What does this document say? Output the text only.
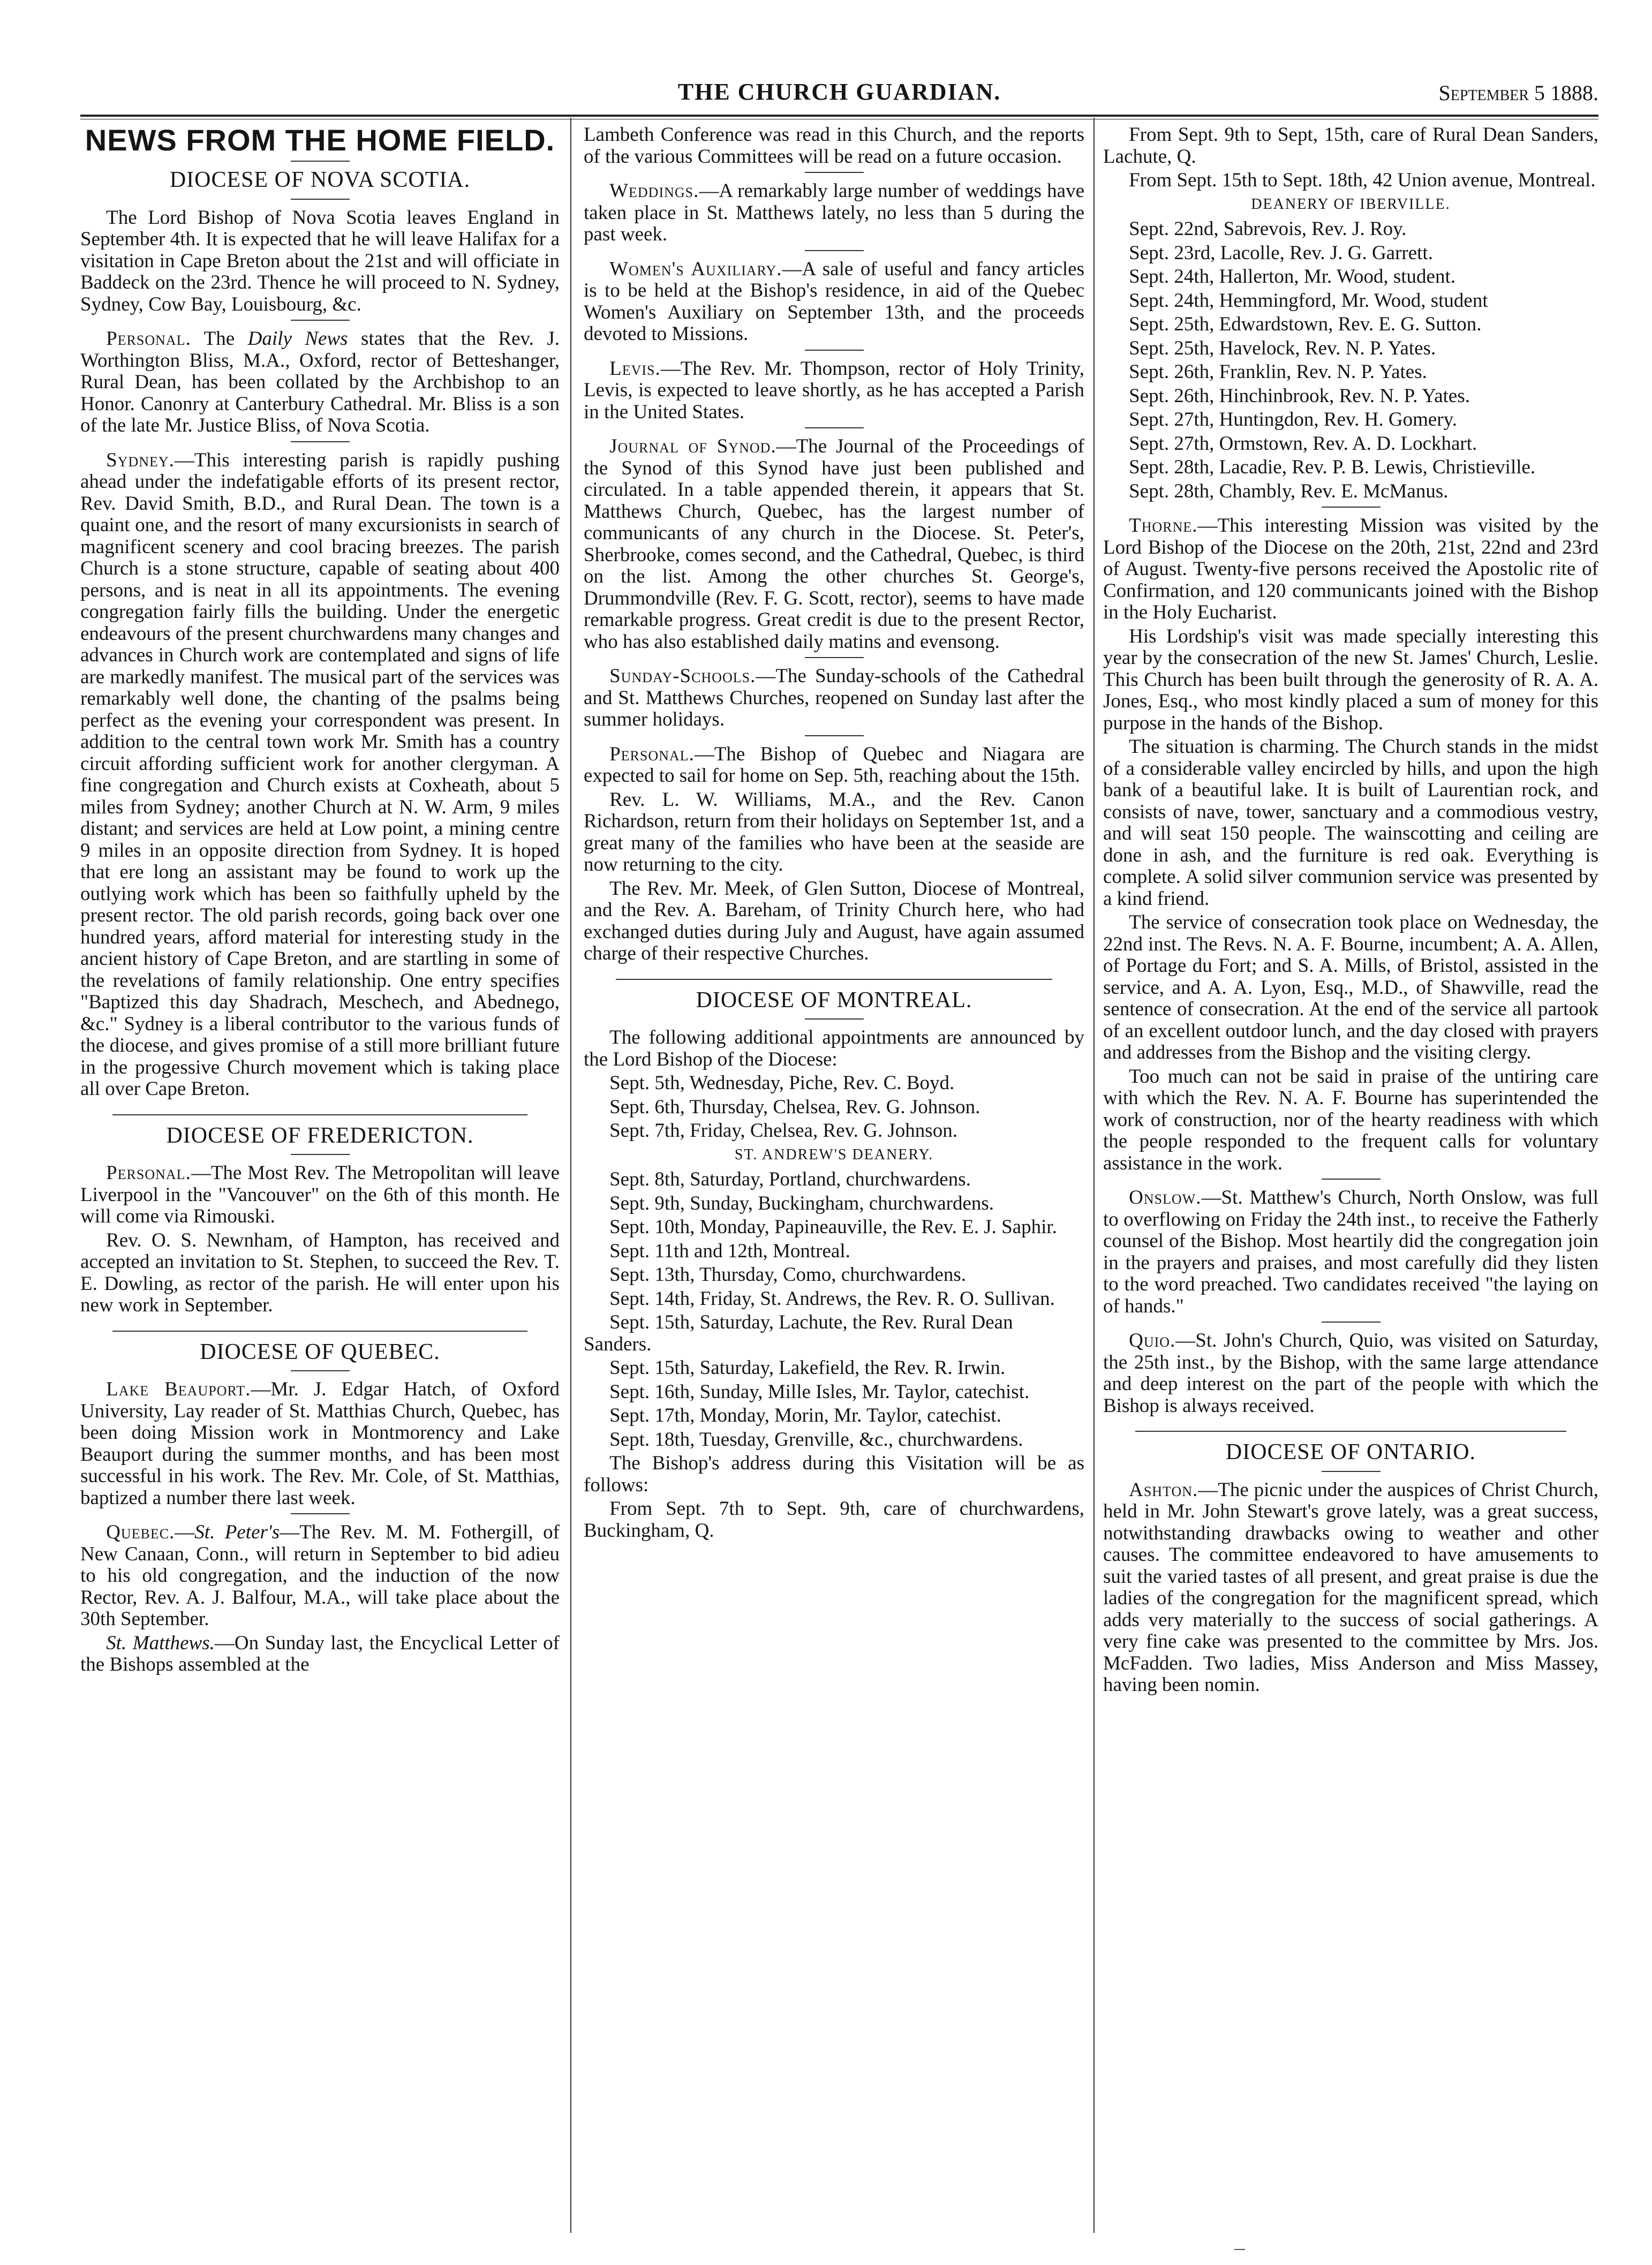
THE CHURCH GUARDIAN.	September 5 1888.
NEWS FROM THE HOME FIELD.
DIOCESE OF NOVA SCOTIA.

The Lord Bishop of Nova Scotia leaves England in September 4th. It is expected that he will leave Halifax for a visitation in Cape Breton about the 21st and will officiate in Baddeck on the 23rd. Thence he will proceed to N. Sydney, Sydney, Cow Bay, Louisbourg, &c.

Personal. The Daily News states that the Rev. J. Worthington Bliss, M.A., Oxford, rector of Betteshanger, Rural Dean, has been collated by the Archbishop to an Honor. Canonry at Canterbury Cathedral. Mr. Bliss is a son of the late Mr. Justice Bliss, of Nova Scotia.

Sydney.—This interesting parish is rapidly pushing ahead under the indefatigable efforts of its present rector, Rev. David Smith, B.D., and Rural Dean. The town is a quaint one, and the resort of many excursionists in search of magnificent scenery and cool bracing breezes. The parish Church is a stone structure, capable of seating about 400 persons, and is neat in all its appointments. The evening congregation fairly fills the building. Under the energetic endeavours of the present churchwardens many changes and advances in Church work are contemplated and signs of life are markedly manifest. The musical part of the services was remarkably well done, the chanting of the psalms being perfect as the evening your correspondent was present. In addition to the central town work Mr. Smith has a country circuit affording sufficient work for another clergyman. A fine congregation and Church exists at Coxheath, about 5 miles from Sydney; another Church at N. W. Arm, 9 miles distant; and services are held at Low point, a mining centre 9 miles in an opposite direction from Sydney. It is hoped that ere long an assistant may be found to work up the outlying work which has been so faithfully upheld by the present rector. The old parish records, going back over one hundred years, afford material for interesting study in the ancient history of Cape Breton, and are startling in some of the revelations of family relationship. One entry specifies "Baptized this day Shadrach, Meschech, and Abednego, &c." Sydney is a liberal contributor to the various funds of the diocese, and gives promise of a still more brilliant future in the progessive Church movement which is taking place all over Cape Breton.

DIOCESE OF FREDERICTON.

Personal.—The Most Rev. The Metropolitan will leave Liverpool in the "Vancouver" on the 6th of this month. He will come via Rimouski.

Rev. O. S. Newnham, of Hampton, has received and accepted an invitation to St. Stephen, to succeed the Rev. T. E. Dowling, as rector of the parish. He will enter upon his new work in September.

DIOCESE OF QUEBEC.

Lake Beauport.—Mr. J. Edgar Hatch, of Oxford University, Lay reader of St. Matthias Church, Quebec, has been doing Mission work in Montmorency and Lake Beauport during the summer months, and has been most successful in his work. The Rev. Mr. Cole, of St. Matthias, baptized a number there last week.

Quebec.—St. Peter's—The Rev. M. M. Fothergill, of New Canaan, Conn., will return in September to bid adieu to his old congregation, and the induction of the now Rector, Rev. A. J. Balfour, M.A., will take place about the 30th September.

St. Matthews.—On Sunday last, the Encyclical Letter of the Bishops assembled at the

Lambeth Conference was read in this Church, and the reports of the various Committees will be read on a future occasion.

Weddings.—A remarkably large number of weddings have taken place in St. Matthews lately, no less than 5 during the past week.

Women's Auxiliary.—A sale of useful and fancy articles is to be held at the Bishop's residence, in aid of the Quebec Women's Auxiliary on September 13th, and the proceeds devoted to Missions.

Levis.—The Rev. Mr. Thompson, rector of Holy Trinity, Levis, is expected to leave shortly, as he has accepted a Parish in the United States.

Journal of Synod.—The Journal of the Proceedings of the Synod of this Synod have just been published and circulated. In a table appended therein, it appears that St. Matthews Church, Quebec, has the largest number of communicants of any church in the Diocese. St. Peter's, Sherbrooke, comes second, and the Cathedral, Quebec, is third on the list. Among the other churches St. George's, Drummondville (Rev. F. G. Scott, rector), seems to have made remarkable progress. Great credit is due to the present Rector, who has also established daily matins and evensong.

Sunday-Schools.—The Sunday-schools of the Cathedral and St. Matthews Churches, reopened on Sunday last after the summer holidays.

Personal.—The Bishop of Quebec and Niagara are expected to sail for home on Sep. 5th, reaching about the 15th.

Rev. L. W. Williams, M.A., and the Rev. Canon Richardson, return from their holidays on September 1st, and a great many of the families who have been at the seaside are now returning to the city.

The Rev. Mr. Meek, of Glen Sutton, Diocese of Montreal, and the Rev. A. Bareham, of Trinity Church here, who had exchanged duties during July and August, have again assumed charge of their respective Churches.

DIOCESE OF MONTREAL.

The following additional appointments are announced by the Lord Bishop of the Diocese:

Sept. 5th, Wednesday, Piche, Rev. C. Boyd.

Sept. 6th, Thursday, Chelsea, Rev. G. Johnson.

Sept. 7th, Friday, Chelsea, Rev. G. Johnson.

ST. ANDREW'S DEANERY.

Sept. 8th, Saturday, Portland, churchwardens.

Sept. 9th, Sunday, Buckingham, churchwardens.

Sept. 10th, Monday, Papineauville, the Rev. E. J. Saphir.

Sept. 11th and 12th, Montreal.

Sept. 13th, Thursday, Como, churchwardens.

Sept. 14th, Friday, St. Andrews, the Rev. R. O. Sullivan.

Sept. 15th, Saturday, Lachute, the Rev. Rural Dean Sanders.

Sept. 15th, Saturday, Lakefield, the Rev. R. Irwin.

Sept. 16th, Sunday, Mille Isles, Mr. Taylor, catechist.

Sept. 17th, Monday, Morin, Mr. Taylor, catechist.

Sept. 18th, Tuesday, Grenville, &c., churchwardens.

The Bishop's address during this Visitation will be as follows:

From Sept. 7th to Sept. 9th, care of churchwardens, Buckingham, Q.

From Sept. 9th to Sept, 15th, care of Rural Dean Sanders, Lachute, Q.

From Sept. 15th to Sept. 18th, 42 Union avenue, Montreal.

DEANERY OF IBERVILLE.

Sept. 22nd, Sabrevois, Rev. J. Roy.

Sept. 23rd, Lacolle, Rev. J. G. Garrett.

Sept. 24th, Hallerton, Mr. Wood, student.

Sept. 24th, Hemmingford, Mr. Wood, student

Sept. 25th, Edwardstown, Rev. E. G. Sutton.

Sept. 25th, Havelock, Rev. N. P. Yates.

Sept. 26th, Franklin, Rev. N. P. Yates.

Sept. 26th, Hinchinbrook, Rev. N. P. Yates.

Sept. 27th, Huntingdon, Rev. H. Gomery.

Sept. 27th, Ormstown, Rev. A. D. Lockhart.

Sept. 28th, Lacadie, Rev. P. B. Lewis, Christieville.

Sept. 28th, Chambly, Rev. E. McManus.

Thorne.—This interesting Mission was visited by the Lord Bishop of the Diocese on the 20th, 21st, 22nd and 23rd of August. Twenty-five persons received the Apostolic rite of Confirmation, and 120 communicants joined with the Bishop in the Holy Eucharist.

His Lordship's visit was made specially interesting this year by the consecration of the new St. James' Church, Leslie. This Church has been built through the generosity of R. A. A. Jones, Esq., who most kindly placed a sum of money for this purpose in the hands of the Bishop.

The situation is charming. The Church stands in the midst of a considerable valley encircled by hills, and upon the high bank of a beautiful lake. It is built of Laurentian rock, and consists of nave, tower, sanctuary and a commodious vestry, and will seat 150 people. The wainscotting and ceiling are done in ash, and the furniture is red oak. Everything is complete. A solid silver communion service was presented by a kind friend.

The service of consecration took place on Wednesday, the 22nd inst. The Revs. N. A. F. Bourne, incumbent; A. A. Allen, of Portage du Fort; and S. A. Mills, of Bristol, assisted in the service, and A. A. Lyon, Esq., M.D., of Shawville, read the sentence of consecration. At the end of the service all partook of an excellent outdoor lunch, and the day closed with prayers and addresses from the Bishop and the visiting clergy.

Too much can not be said in praise of the untiring care with which the Rev. N. A. F. Bourne has superintended the work of construction, nor of the hearty readiness with which the people responded to the frequent calls for voluntary assistance in the work.

Onslow.—St. Matthew's Church, North Onslow, was full to overflowing on Friday the 24th inst., to receive the Fatherly counsel of the Bishop. Most heartily did the congregation join in the prayers and praises, and most carefully did they listen to the word preached. Two candidates received "the laying on of hands."

Quio.—St. John's Church, Quio, was visited on Saturday, the 25th inst., by the Bishop, with the same large attendance and deep interest on the part of the people with which the Bishop is always received.

DIOCESE OF ONTARIO.

Ashton.—The picnic under the auspices of Christ Church, held in Mr. John Stewart's grove lately, was a great success, notwithstanding drawbacks owing to weather and other causes. The committee endeavored to have amusements to suit the varied tastes of all present, and great praise is due the ladies of the congregation for the magnificent spread, which adds very materially to the success of social gatherings. A very fine cake was presented to the committee by Mrs. Jos. McFadden. Two ladies, Miss Anderson and Miss Massey, having been nomin.
